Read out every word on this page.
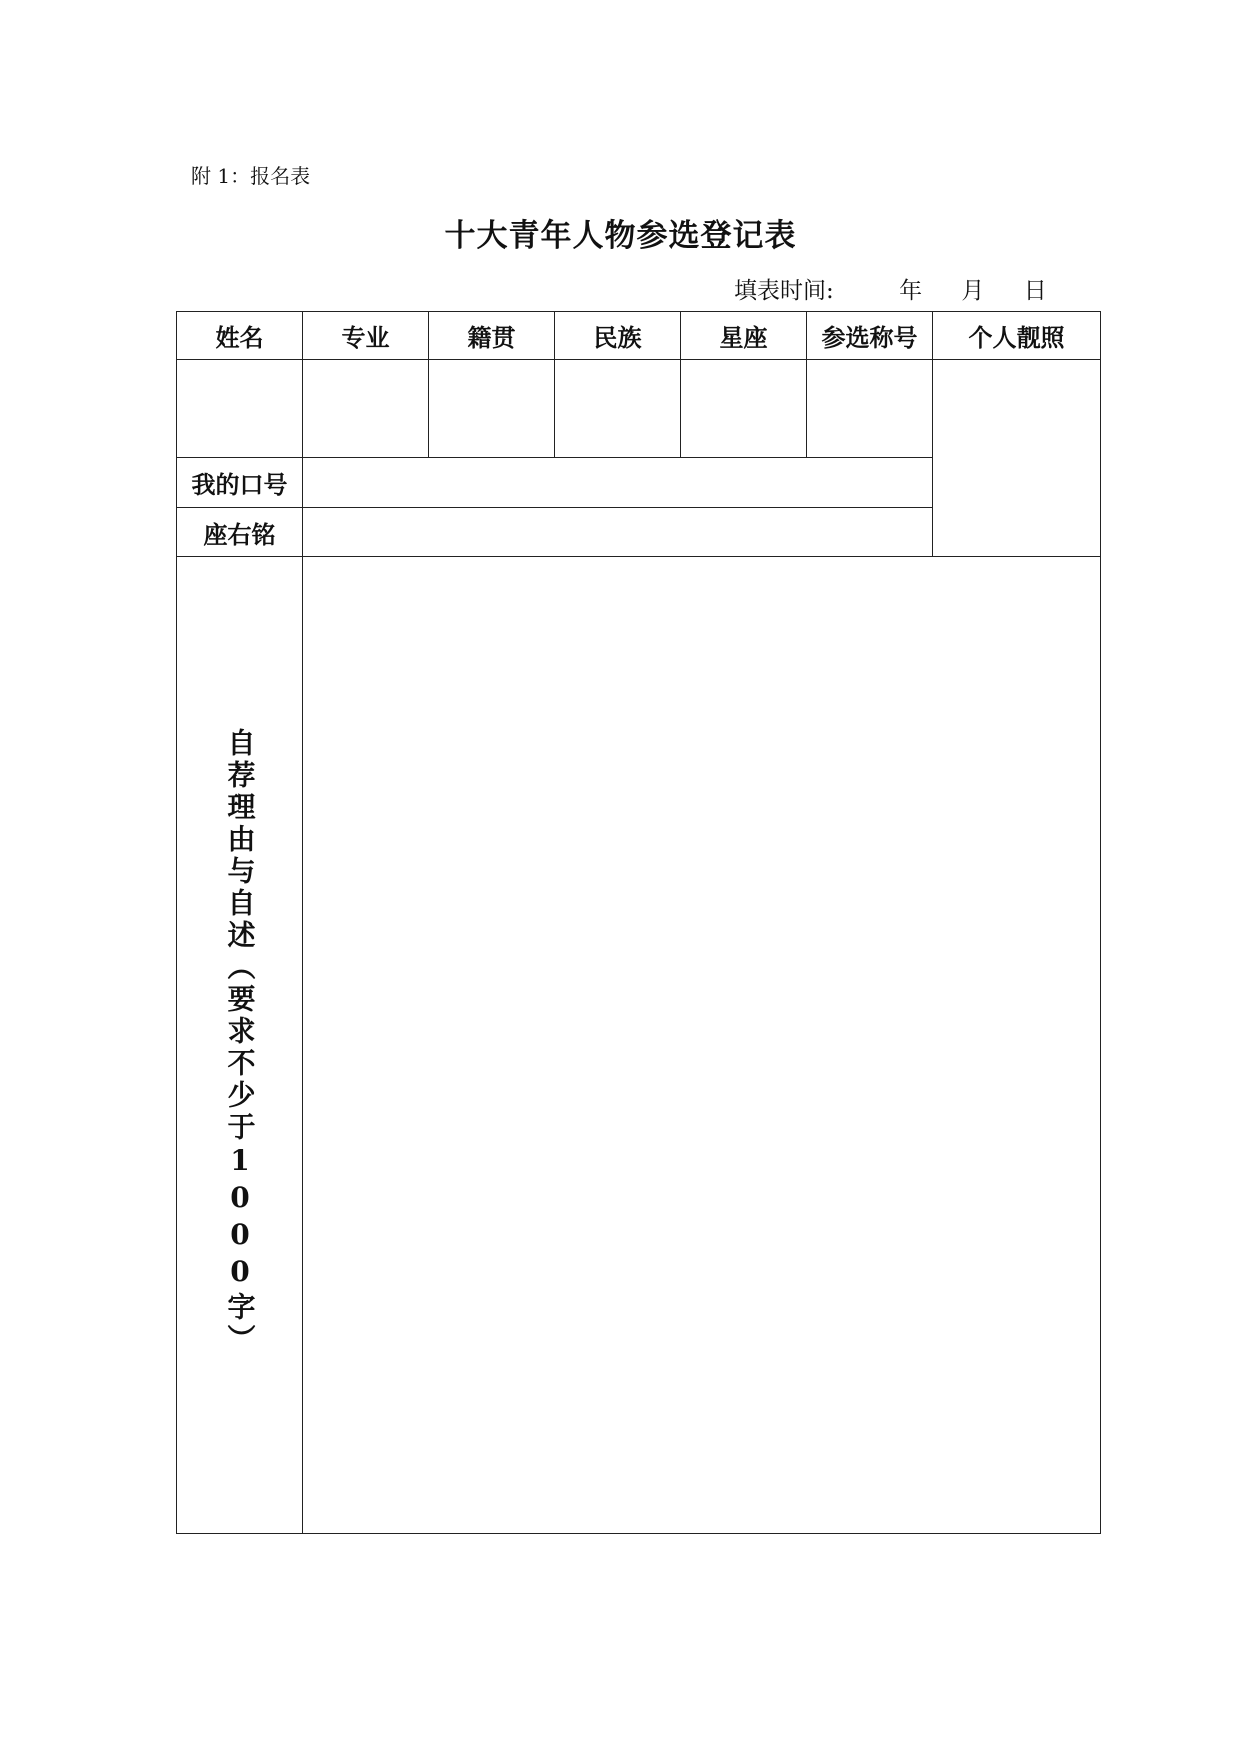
附 1：报名表
十大青年人物参选登记表
填表时间:	年 月 日
姓名	专业	籍贯	民族	星座	参选称号	个人靓照

我的口号						
座右铭						
自荐理由与自述（要求不少于1000字）						
